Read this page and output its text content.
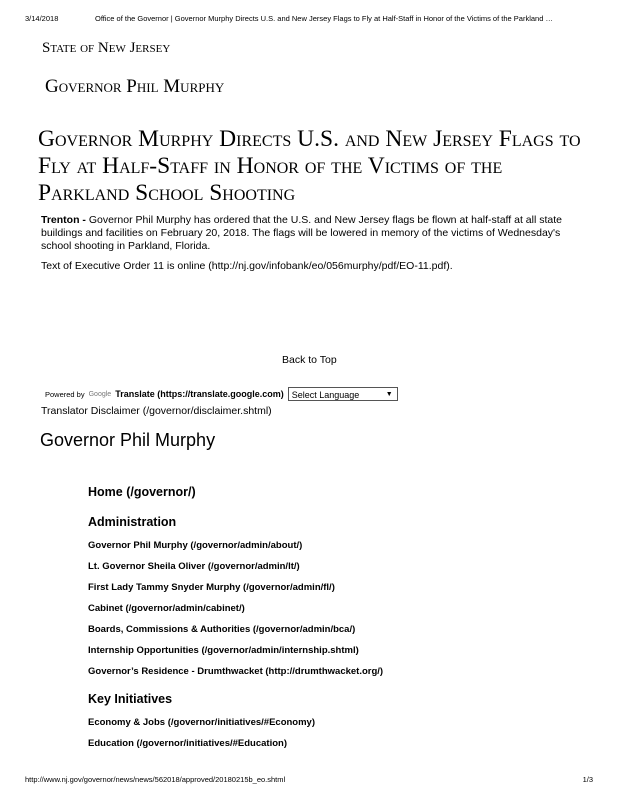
3/14/2018	Office of the Governor | Governor Murphy Directs U.S. and New Jersey Flags to Fly at Half-Staff in Honor of the Victims of the Parkland …
State of New Jersey
Governor Phil Murphy
Governor Murphy Directs U.S. and New Jersey Flags to Fly at Half-Staff in Honor of the Victims of the Parkland School Shooting
Trenton - Governor Phil Murphy has ordered that the U.S. and New Jersey flags be flown at half-staff at all state buildings and facilities on February 20, 2018. The flags will be lowered in memory of the victims of Wednesday's school shooting in Parkland, Florida.
Text of Executive Order 11 is online (http://nj.gov/infobank/eo/056murphy/pdf/EO-11.pdf).
Back to Top
Powered by Google Translate (https://translate.google.com) Select Language	▼
Translator Disclaimer (/governor/disclaimer.shtml)
Governor Phil Murphy
Home (/governor/)
Administration
Governor Phil Murphy (/governor/admin/about/)
Lt. Governor Sheila Oliver (/governor/admin/lt/)
First Lady Tammy Snyder Murphy (/governor/admin/fl/)
Cabinet (/governor/admin/cabinet/)
Boards, Commissions & Authorities (/governor/admin/bca/)
Internship Opportunities (/governor/admin/internship.shtml)
Governor’s Residence - Drumthwacket (http://drumthwacket.org/)
Key Initiatives
Economy & Jobs (/governor/initiatives/#Economy)
Education (/governor/initiatives/#Education)
http://www.nj.gov/governor/news/news/562018/approved/20180215b_eo.shtml	1/3
